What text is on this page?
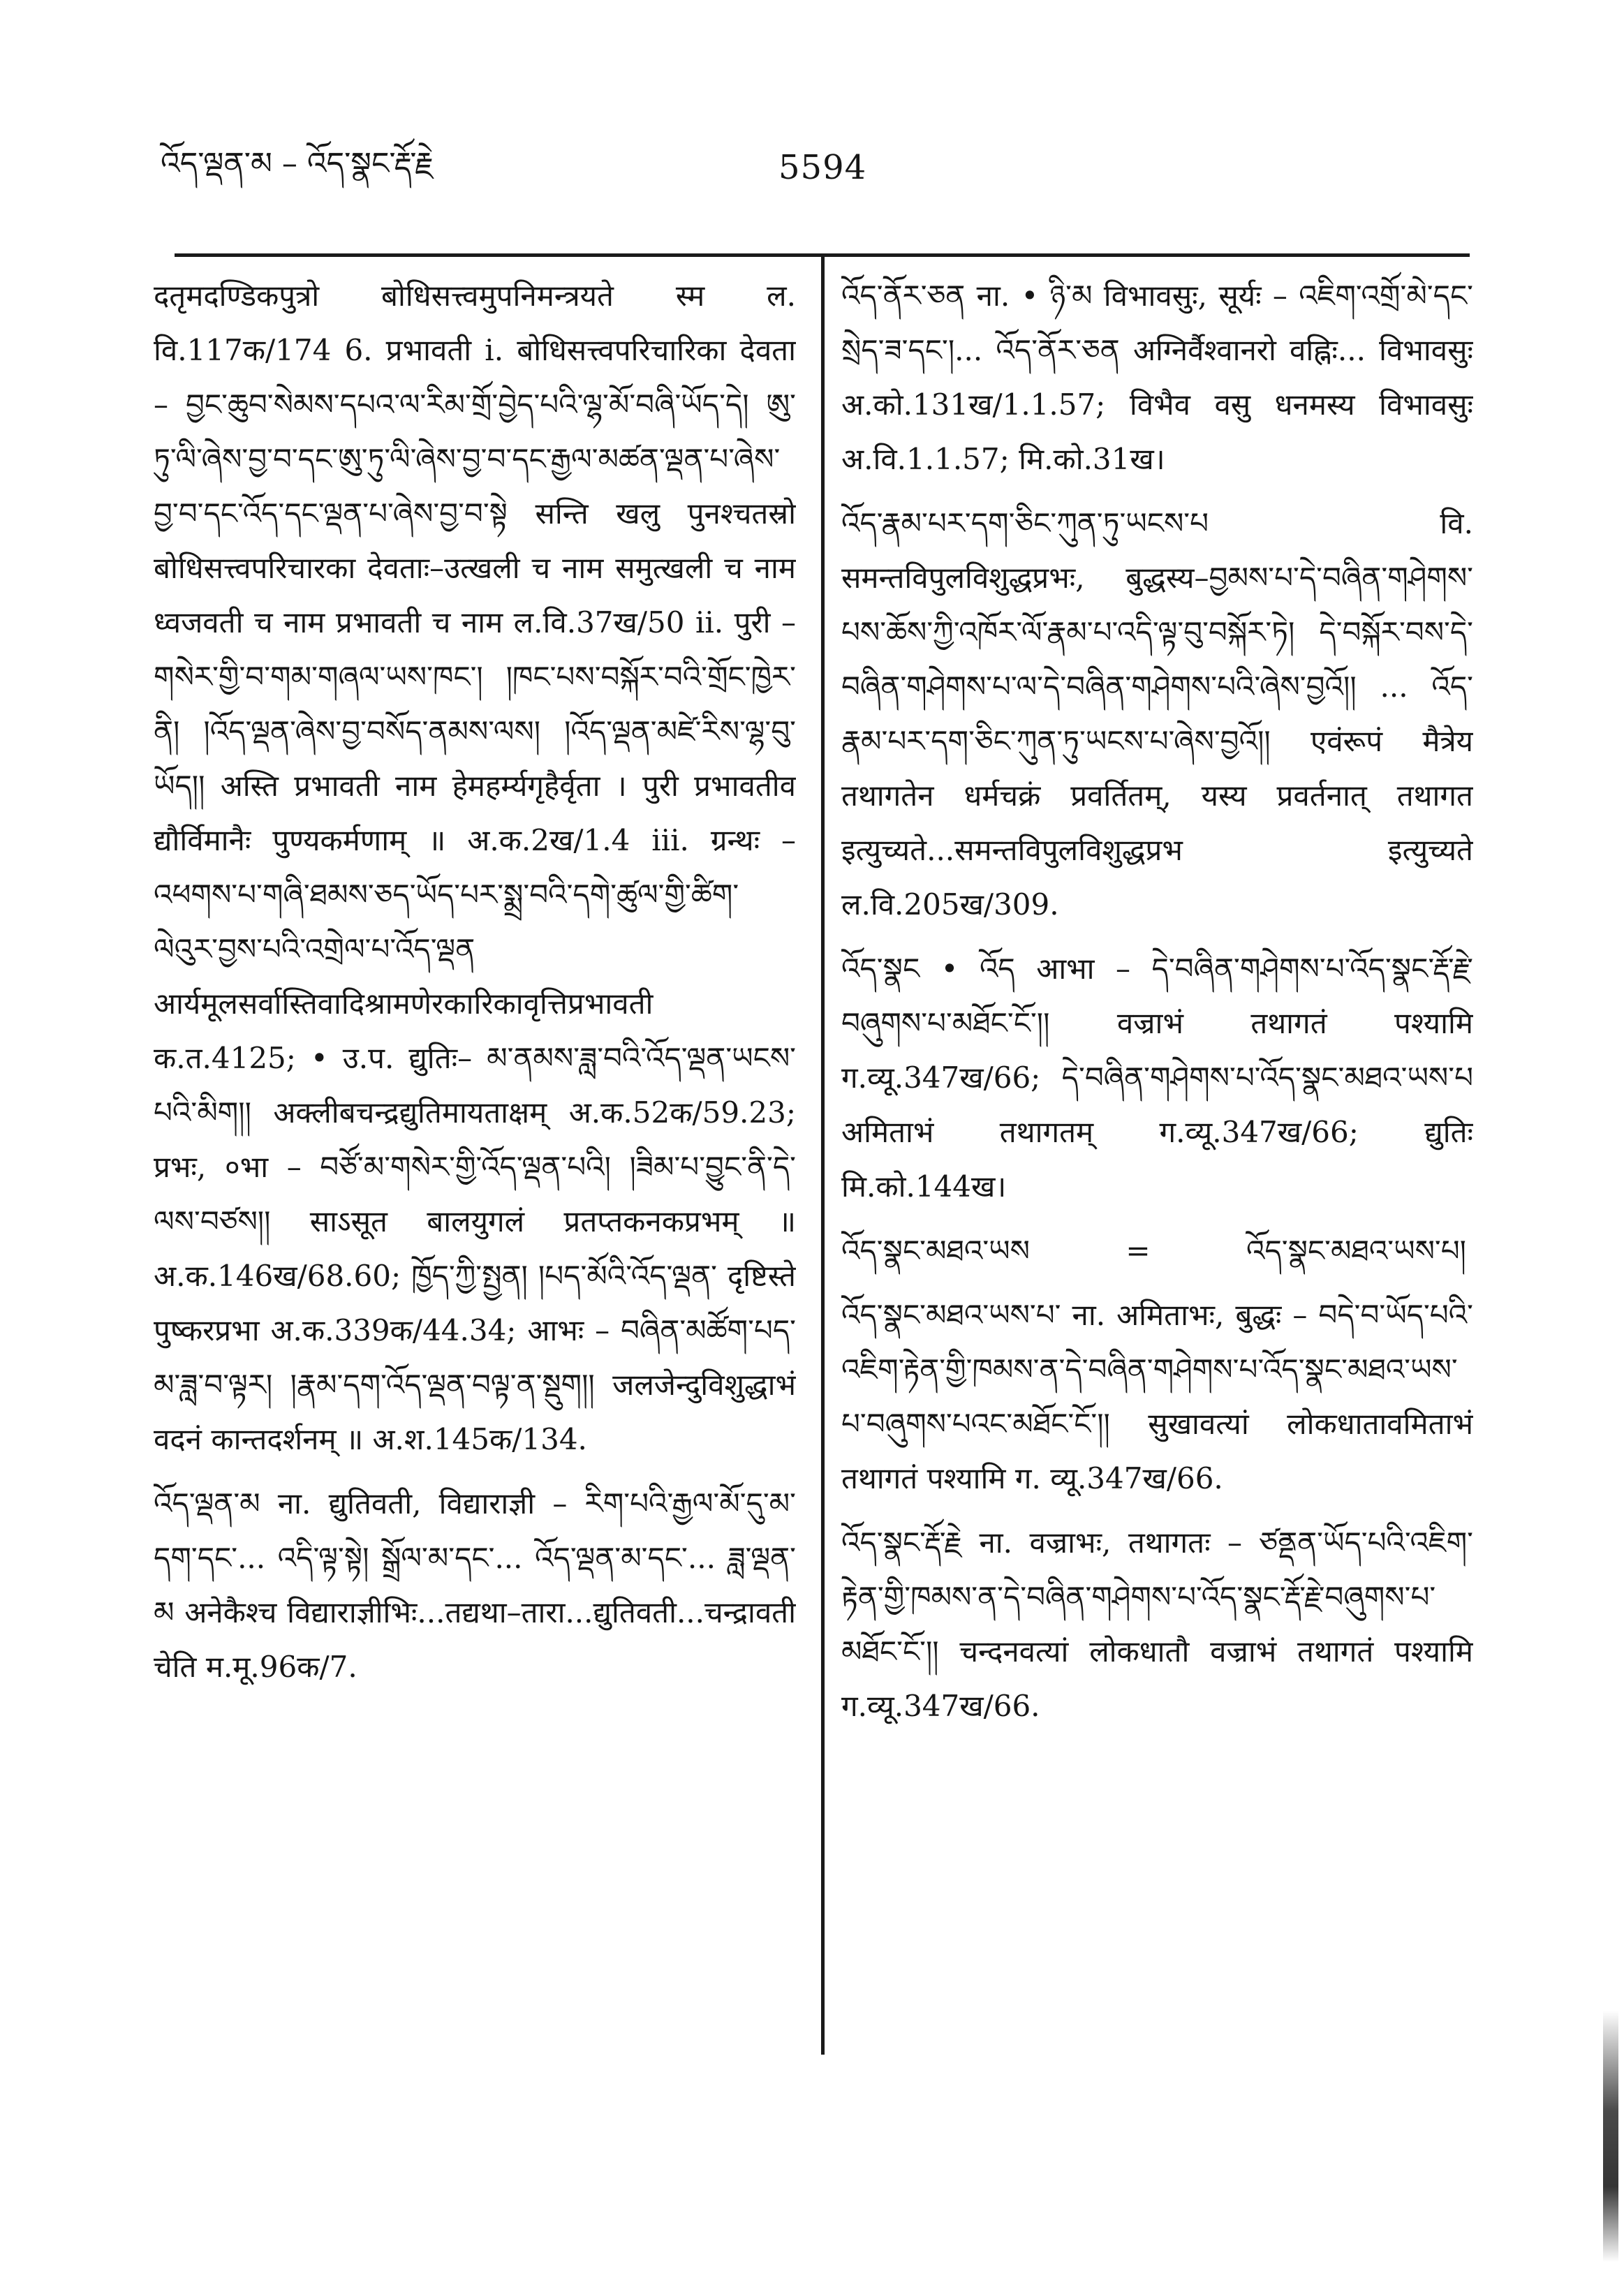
འོད་ལྡན་མ – འོད་སྣང་རྡོ་རྗེ	5594

दतृमदण्डिकपुत्रो बोधिसत्त्वमुपनिमन्त्रयते स्म ल. वि.117क/174 6. प्रभावती i. बोधिसत्त्वपरिचारिका देवता – བྱང་ཆུབ་སེམས་དཔའ་ལ་རིམ་གྲོ་བྱེད་པའི་ལྷ་མོ་བཞི་ཡོད་དེ། ཨུ་ཏུ་ལི་ཞེས་བྱ་བ་དང་ཨུ་ཏུ་ལི་ཞེས་བྱ་བ་དང་རྒྱལ་མཚན་ལྡན་པ་ཞེས་བྱ་བ་དང་འོད་དང་ལྡན་པ་ཞེས་བྱ་བ་སྟེ सन्ति खलु पुनश्चतस्रो बोधिसत्त्वपरिचारका देवताः–उत्खली च नाम समुत्खली च नाम ध्वजवती च नाम प्रभावती च नाम ल.वि.37ख/50 ii. पुरी – གསེར་གྱི་བ་གམ་གཞལ་ཡས་ཁང་། །ཁང་པས་བསྐོར་བའི་གྲོང་ཁྱེར་ནི། །འོད་ལྡན་ཞེས་བྱ་བསོད་ནམས་ལས། །འོད་ལྡན་མཛེ་རིས་ལྷ་བུ་ཡོད།། अस्ति प्रभावती नाम हेमहर्म्यगृहैर्वृता । पुरी प्रभावतीव द्यौर्विमानैः पुण्यकर्मणाम् ॥ अ.क.2ख/1.4 iii. ग्रन्थः – འཕགས་པ་གཞི་ཐམས་ཅད་ཡོད་པར་སྨྲ་བའི་དགེ་ཚུལ་གྱི་ཚིག་ལེའུར་བྱས་པའི་འགྲེལ་པ་འོད་ལྡན आर्यमूलसर्वास्तिवादिश्रामणेरकारिकावृत्तिप्रभावती क.त.4125; • उ.प. द्युतिः– མ་ནམས་ཟླ་བའི་འོད་ལྡན་ཡངས་པའི་མིག།། अक्लीबचन्द्रद्युतिमायताक्षम् अ.क.52क/59.23; प्रभः, ०भा – བཙོ་མ་གསེར་གྱི་འོད་ལྡན་པའི། །ཟིམ་པ་བྱུང་ནི་དེ་ལས་བཙས།། साऽसूत बालयुगलं प्रतप्तकनकप्रभम् ॥ अ.क.146ख/68.60; ཁྱོད་ཀྱི་སྤྱན། །པད་མོའི་འོད་ལྡན་ दृष्टिस्ते पुष्करप्रभा अ.क.339क/44.34; आभः – བཞིན་མཚོག་པད་མ་ཟླ་བ་ལྟར། །རྣམ་དག་འོད་ལྡན་བལྟ་ན་སྡུག།། जलजेन्दुविशुद्धाभं वदनं कान्तदर्शनम् ॥ अ.श.145क/134.

འོད་ལྡན་མ ना. द्युतिवती, विद्याराज्ञी – རིག་པའི་རྒྱལ་མོ་དུ་མ་དག་དང་... འདི་ལྟ་སྟེ། སྒྲོལ་མ་དང་... འོད་ལྡན་མ་དང་... ཟླ་ལྡན་མ अनेकैश्च विद्याराज्ञीभिः...तद्यथा–तारा...द्युतिवती...चन्द्रावती चेति म.मू.96क/7.

འོད་ནོར་ཅན ना. • ཉི་མ विभावसुः, सूर्यः – འཇིག་འགྲོ་མེ་དང་སྲེད་ཟ་དང་།... འོད་ནོར་ཅན अग्निर्वैश्वानरो वह्निः... विभावसुः अ.को.131ख/1.1.57; विभैव वसु धनमस्य विभावसुः अ.वि.1.1.57; मि.को.31ख।

འོད་རྣམ་པར་དག་ཅིང་ཀུན་ཏུ་ཡངས་པ वि. समन्तविपुलविशुद्धप्रभः, बुद्धस्य–བྱམས་པ་དེ་བཞིན་གཤེགས་པས་ཆོས་ཀྱི་འཁོར་ལོ་རྣམ་པ་འདི་ལྟ་བུ་བསྐོར་ཏེ། དེ་བསྐོར་བས་དེ་བཞིན་གཤེགས་པ་ལ་དེ་བཞིན་གཤེགས་པའི་ཞེས་བྱའོ།། ... འོད་རྣམ་པར་དག་ཅིང་ཀུན་ཏུ་ཡངས་པ་ཞེས་བྱའོ།། एवंरूपं मैत्रेय तथागतेन धर्मचक्रं प्रवर्तितम्, यस्य प्रवर्तनात् तथागत इत्युच्यते...समन्तविपुलविशुद्धप्रभ इत्युच्यते ल.वि.205ख/309.

འོད་སྣང • འོད आभा – དེ་བཞིན་གཤེགས་པ་འོད་སྣང་རྡོ་རྗེ་བཞུགས་པ་མཐོང་ངོ་།། वज्राभं तथागतं पश्यामि ग.व्यू.347ख/66; དེ་བཞིན་གཤེགས་པ་འོད་སྣང་མཐའ་ཡས་པ अमिताभं तथागतम् ग.व्यू.347ख/66; द्युतिः मि.को.144ख।

འོད་སྣང་མཐའ་ཡས	=	འོད་སྣང་མཐའ་ཡས་པ།

འོད་སྣང་མཐའ་ཡས་པ་ ना. अमिताभः, बुद्धः – བདེ་བ་ཡོད་པའི་འཇིག་རྟེན་གྱི་ཁམས་ན་དེ་བཞིན་གཤེགས་པ་འོད་སྣང་མཐའ་ཡས་པ་བཞུགས་པའང་མཐོང་ངོ་།། सुखावत्यां लोकधातावमिताभं तथागतं पश्यामि ग. व्यू.347ख/66.

འོད་སྣང་རྡོ་རྗེ ना. वज्राभः, तथागतः – ཙནྡན་ཡོད་པའི་འཇིག་རྟེན་གྱི་ཁམས་ན་དེ་བཞིན་གཤེགས་པ་འོད་སྣང་རྡོ་རྗེ་བཞུགས་པ་མཐོང་ངོ་།། चन्दनवत्यां लोकधातौ वज्राभं तथागतं पश्यामि ग.व्यू.347ख/66.
